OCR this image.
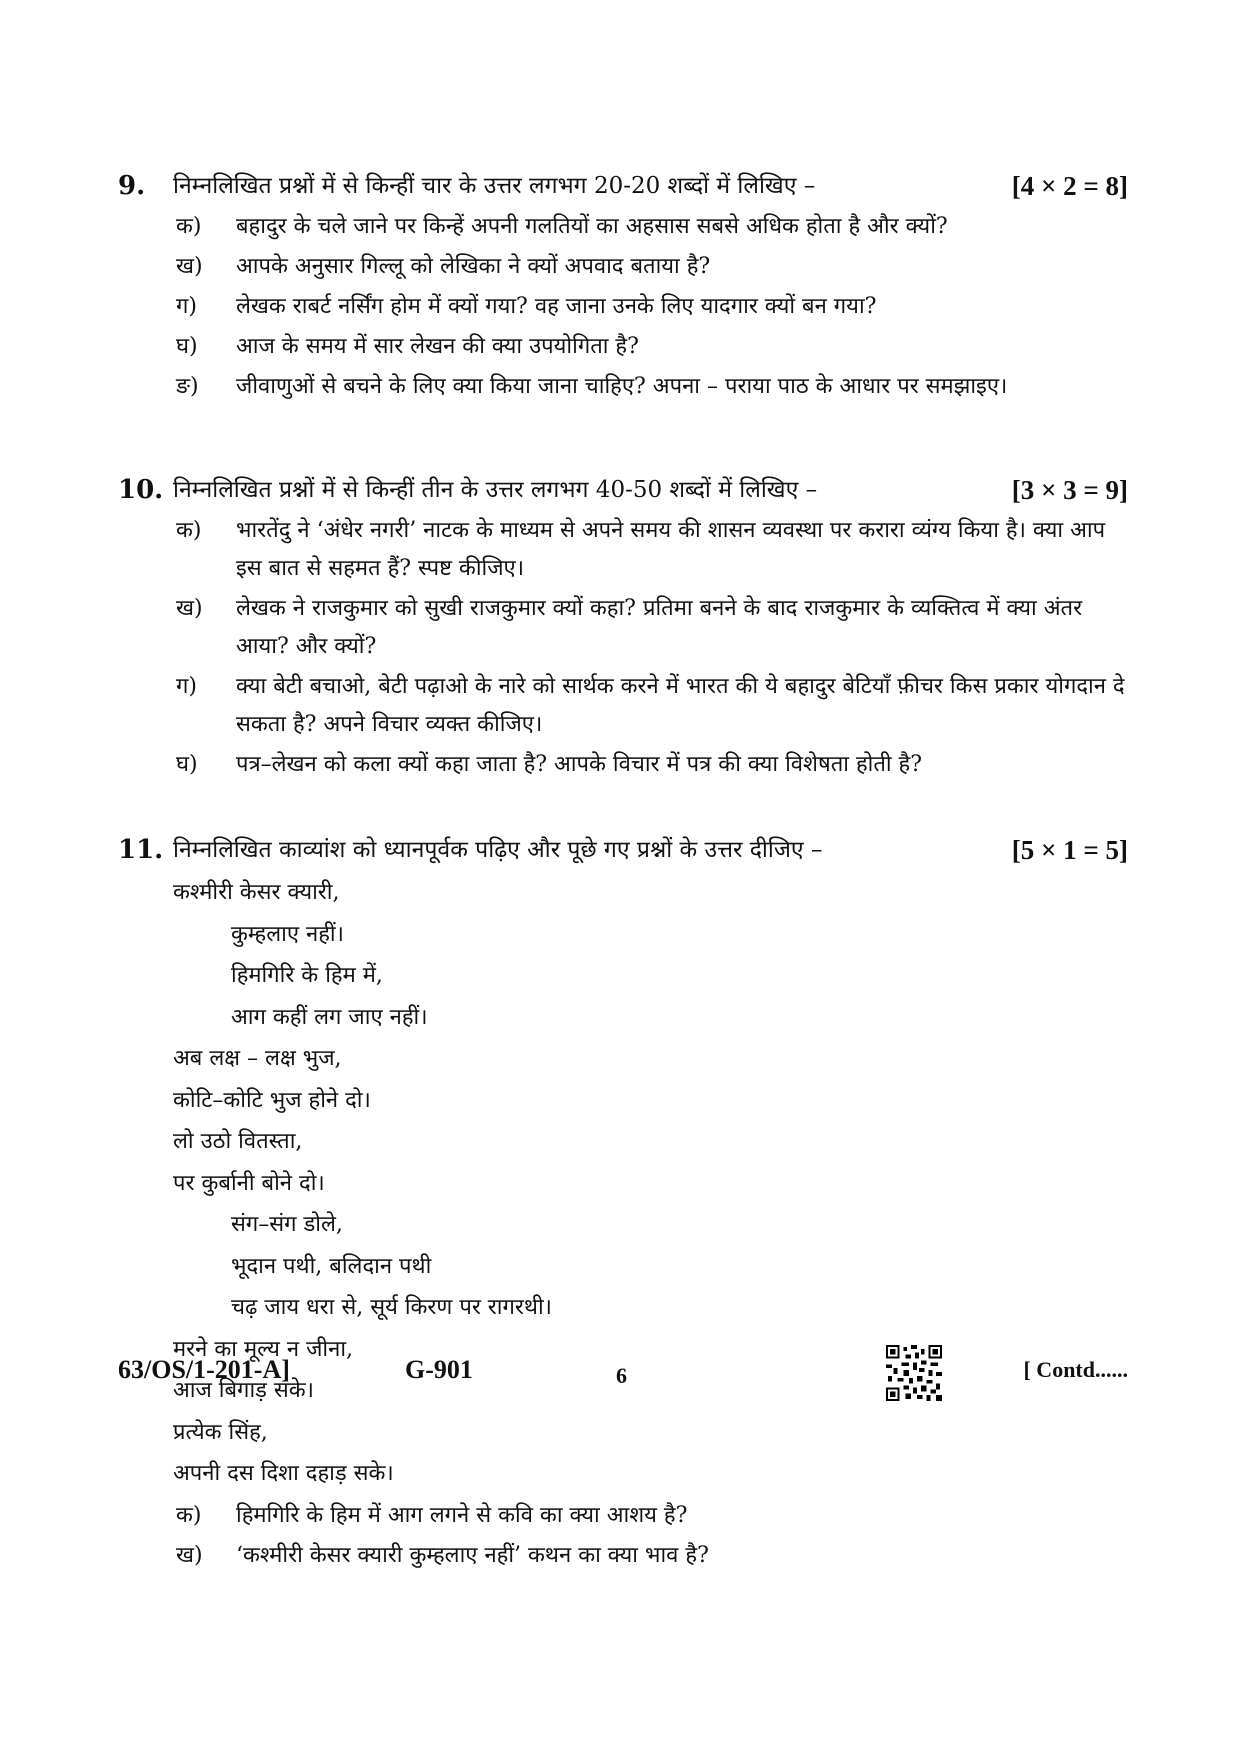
9. निम्नलिखित प्रश्नों में से किन्हीं चार के उत्तर लगभग 20-20 शब्दों में लिखिए –	[4 × 2 = 8]
क) बहादुर के चले जाने पर किन्हें अपनी गलतियों का अहसास सबसे अधिक होता है और क्यों?
ख) आपके अनुसार गिल्लू को लेखिका ने क्यों अपवाद बताया है?
ग) लेखक राबर्ट नर्सिंग होम में क्यों गया? वह जाना उनके लिए यादगार क्यों बन गया?
घ) आज के समय में सार लेखन की क्या उपयोगिता है?
ङ) जीवाणुओं से बचने के लिए क्या किया जाना चाहिए? अपना – पराया पाठ के आधार पर समझाइए।
10. निम्नलिखित प्रश्नों में से किन्हीं तीन के उत्तर लगभग 40-50 शब्दों में लिखिए –	[3 × 3 = 9]
क) भारतेंदु ने ‘अंधेर नगरी’ नाटक के माध्यम से अपने समय की शासन व्यवस्था पर करारा व्यंग्य किया है। क्या आप इस बात से सहमत हैं? स्पष्ट कीजिए।
ख) लेखक ने राजकुमार को सुखी राजकुमार क्यों कहा? प्रतिमा बनने के बाद राजकुमार के व्यक्तित्व में क्या अंतर आया? और क्यों?
ग) क्या बेटी बचाओ, बेटी पढ़ाओ के नारे को सार्थक करने में भारत की ये बहादुर बेटियाँ फ़ीचर किस प्रकार योगदान दे सकता है? अपने विचार व्यक्त कीजिए।
घ) पत्र–लेखन को कला क्यों कहा जाता है? आपके विचार में पत्र की क्या विशेषता होती है?
11. निम्नलिखित काव्यांश को ध्यानपूर्वक पढ़िए और पूछे गए प्रश्नों के उत्तर दीजिए –	[5 × 1 = 5]
कश्मीरी केसर क्यारी,
कुम्हलाए नहीं।
हिमगिरि के हिम में,
आग कहीं लग जाए नहीं।
अब लक्ष – लक्ष भुज,
कोटि–कोटि भुज होने दो।
लो उठो वितस्ता,
पर कुर्बानी बोने दो।
संग–संग डोले,
भूदान पथी, बलिदान पथी
चढ़ जाय धरा से, सूर्य किरण पर रागरथी।
मरने का मूल्य न जीना,
आज बिगाड़ सके।
प्रत्येक सिंह,
अपनी दस दिशा दहाड़ सके।
क) हिमगिरि के हिम में आग लगने से कवि का क्या आशय है?
ख) ‘कश्मीरी केसर क्यारी कुम्हलाए नहीं’ कथन का क्या भाव है?
63/OS/1-201-A]	G-901	6	[ Contd......
